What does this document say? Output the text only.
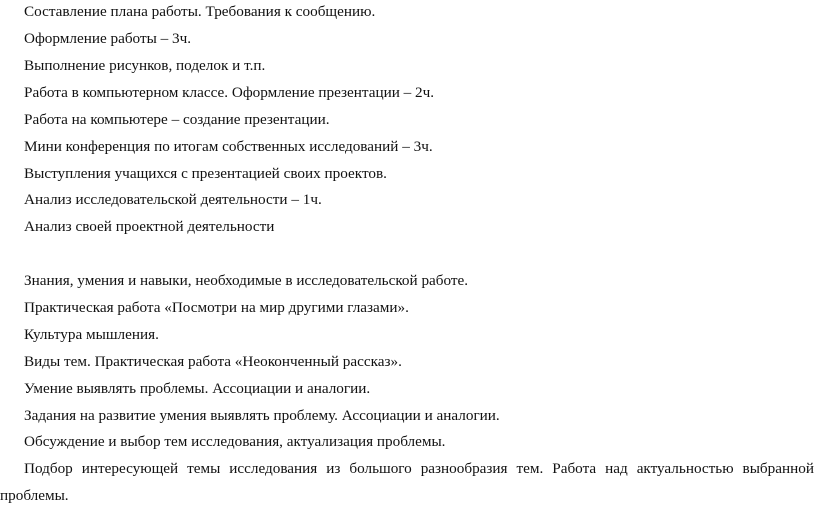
Составление плана работы. Требования к сообщению.
Оформление работы – 3ч.
Выполнение рисунков, поделок и т.п.
Работа в компьютерном классе. Оформление презентации – 2ч.
Работа на компьютере – создание презентации.
Мини конференция по итогам собственных исследований – 3ч.
Выступления учащихся с презентацией своих проектов.
Анализ исследовательской деятельности – 1ч.
Анализ своей проектной деятельности
Знания, умения и навыки, необходимые в исследовательской работе.
Практическая работа «Посмотри на мир другими глазами».
Культура мышления.
Виды тем. Практическая работа «Неоконченный рассказ».
Умение выявлять проблемы. Ассоциации и аналогии.
Задания на развитие умения выявлять проблему. Ассоциации и аналогии.
Обсуждение и выбор тем исследования, актуализация проблемы.
Подбор интересующей темы исследования из большого разнообразия тем. Работа над актуальностью выбранной
проблемы.
